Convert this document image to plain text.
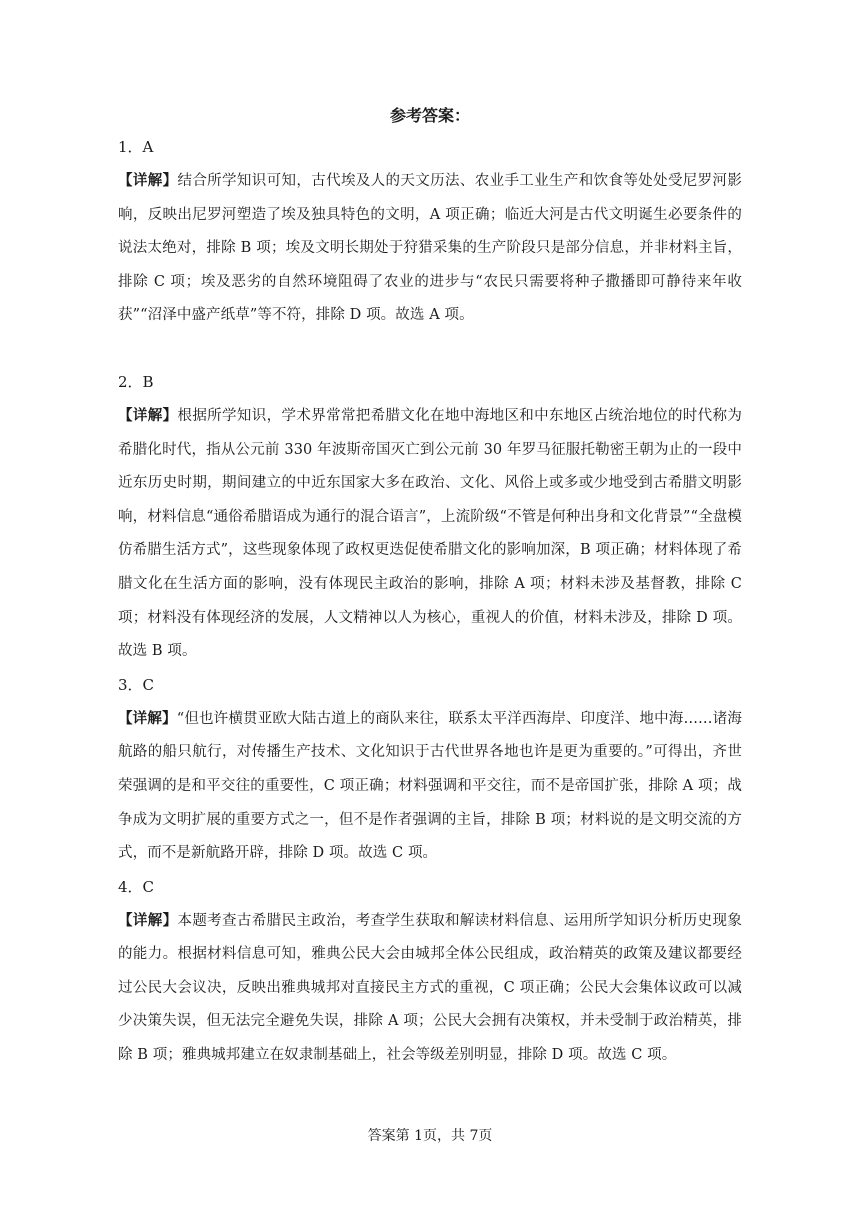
参考答案：
1．A
【详解】结合所学知识可知，古代埃及人的天文历法、农业手工业生产和饮食等处处受尼罗河影响，反映出尼罗河塑造了埃及独具特色的文明，A 项正确；临近大河是古代文明诞生必要条件的说法太绝对，排除 B 项；埃及文明长期处于狩猎采集的生产阶段只是部分信息，并非材料主旨，排除 C 项；埃及恶劣的自然环境阻碍了农业的进步与“农民只需要将种子撒播即可静待来年收获”“沼泽中盛产纸草”等不符，排除 D 项。故选 A 项。
2．B
【详解】根据所学知识，学术界常常把希腊文化在地中海地区和中东地区占统治地位的时代称为希腊化时代，指从公元前 330 年波斯帝国灭亡到公元前 30 年罗马征服托勒密王朝为止的一段中近东历史时期，期间建立的中近东国家大多在政治、文化、风俗上或多或少地受到古希腊文明影响，材料信息“通俗希腊语成为通行的混合语言”，上流阶级“不管是何种出身和文化背景”“全盘模仿希腊生活方式”，这些现象体现了政权更迭促使希腊文化的影响加深，B 项正确；材料体现了希腊文化在生活方面的影响，没有体现民主政治的影响，排除 A 项；材料未涉及基督教，排除 C 项；材料没有体现经济的发展，人文精神以人为核心，重视人的价值，材料未涉及，排除 D 项。故选 B 项。
3．C
【详解】“但也许横贯亚欧大陆古道上的商队来往，联系太平洋西海岸、印度洋、地中海……诸海航路的船只航行，对传播生产技术、文化知识于古代世界各地也许是更为重要的。”可得出，齐世荣强调的是和平交往的重要性，C 项正确；材料强调和平交往，而不是帝国扩张，排除 A 项；战争成为文明扩展的重要方式之一，但不是作者强调的主旨，排除 B 项；材料说的是文明交流的方式，而不是新航路开辟，排除 D 项。故选 C 项。
4．C
【详解】本题考查古希腊民主政治，考查学生获取和解读材料信息、运用所学知识分析历史现象的能力。根据材料信息可知，雅典公民大会由城邦全体公民组成，政治精英的政策及建议都要经过公民大会议决，反映出雅典城邦对直接民主方式的重视，C 项正确；公民大会集体议政可以减少决策失误，但无法完全避免失误，排除 A 项；公民大会拥有决策权，并未受制于政治精英，排除 B 项；雅典城邦建立在奴隶制基础上，社会等级差别明显，排除 D 项。故选 C 项。
答案第 1页，共 7页
